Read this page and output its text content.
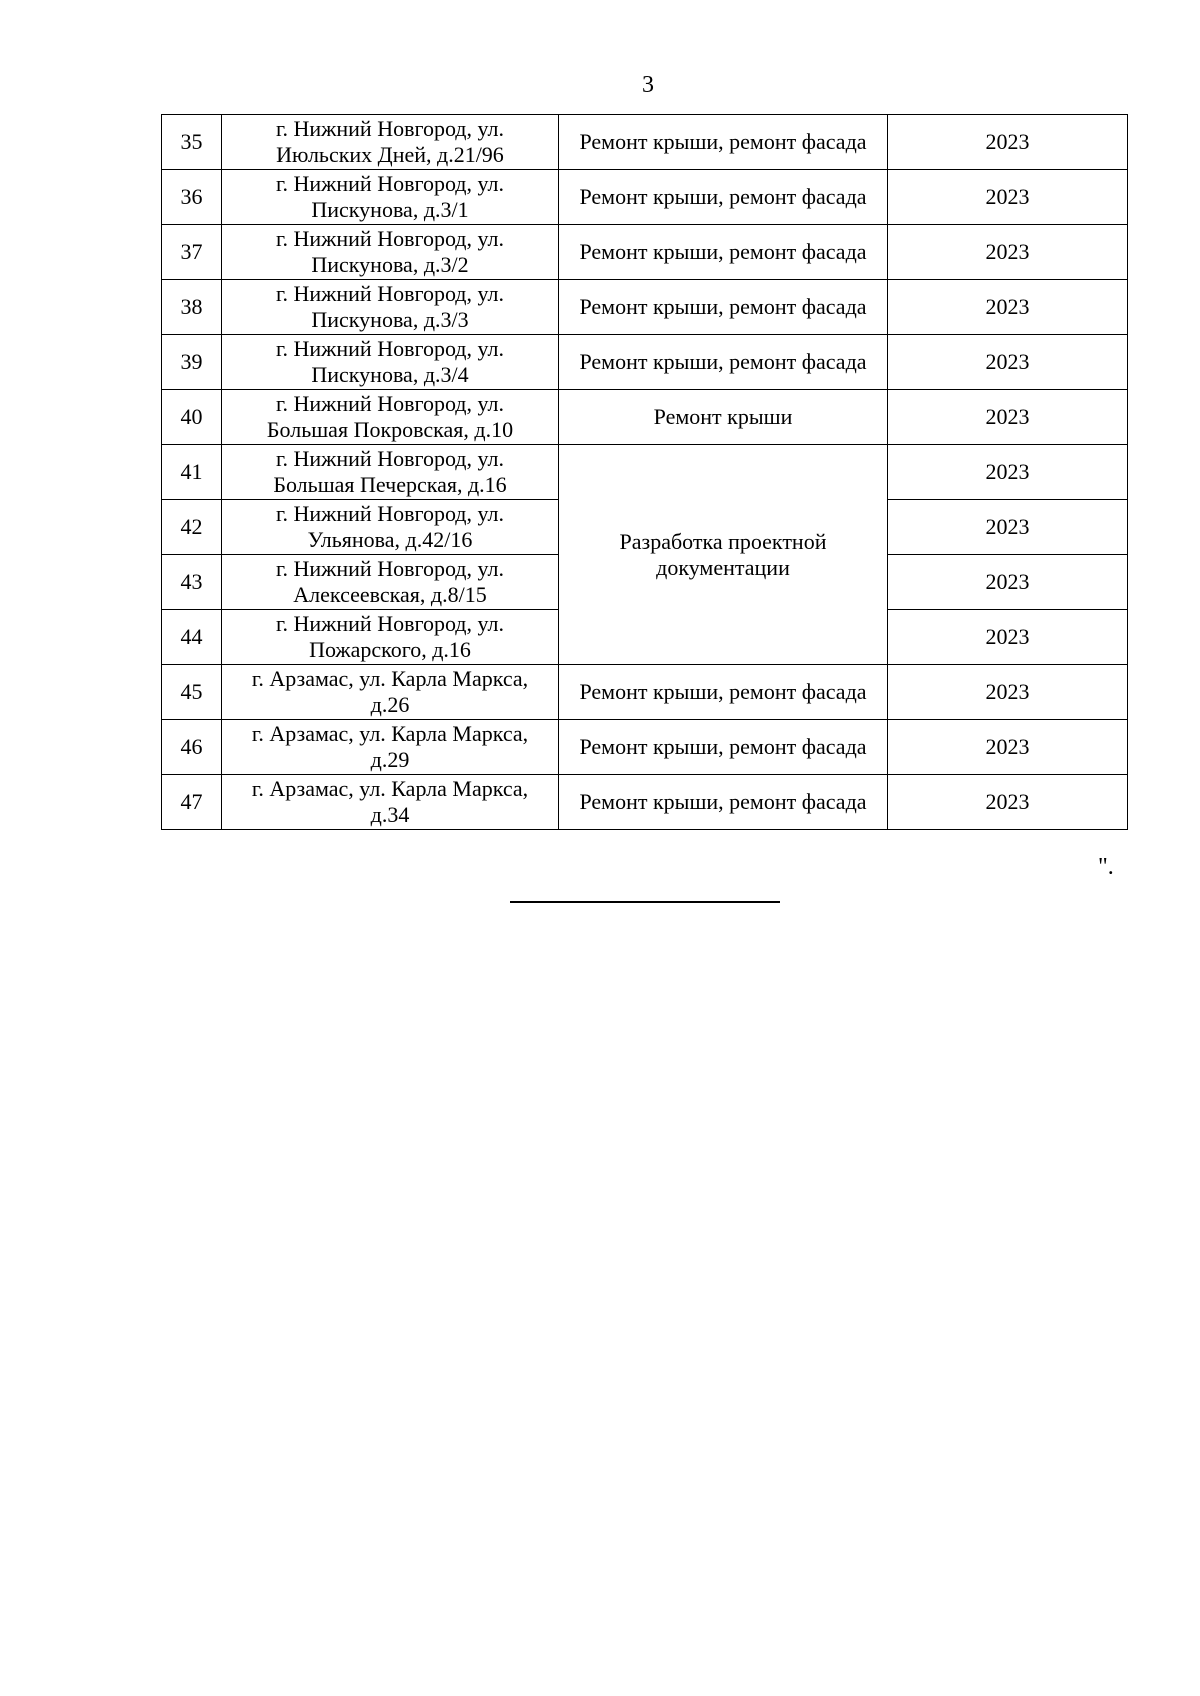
3
35	г. Нижний Новгород, ул.
Июльских Дней, д.21/96	Ремонт крыши, ремонт фасада	2023
36	г. Нижний Новгород, ул.
Пискунова, д.3/1	Ремонт крыши, ремонт фасада	2023
37	г. Нижний Новгород, ул.
Пискунова, д.3/2	Ремонт крыши, ремонт фасада	2023
38	г. Нижний Новгород, ул.
Пискунова, д.3/3	Ремонт крыши, ремонт фасада	2023
39	г. Нижний Новгород, ул.
Пискунова, д.3/4	Ремонт крыши, ремонт фасада	2023
40	г. Нижний Новгород, ул.
Большая Покровская, д.10	Ремонт крыши	2023
41	г. Нижний Новгород, ул.
Большая Печерская, д.16	Разработка проектной
документации	2023
42	г. Нижний Новгород, ул.
Ульянова, д.42/16		2023
43	г. Нижний Новгород, ул.
Алексеевская, д.8/15		2023
44	г. Нижний Новгород, ул.
Пожарского, д.16		2023
45	г. Арзамас, ул. Карла Маркса,
д.26	Ремонт крыши, ремонт фасада	2023
46	г. Арзамас, ул. Карла Маркса,
д.29	Ремонт крыши, ремонт фасада	2023
47	г. Арзамас, ул. Карла Маркса,
д.34	Ремонт крыши, ремонт фасада	2023
".
